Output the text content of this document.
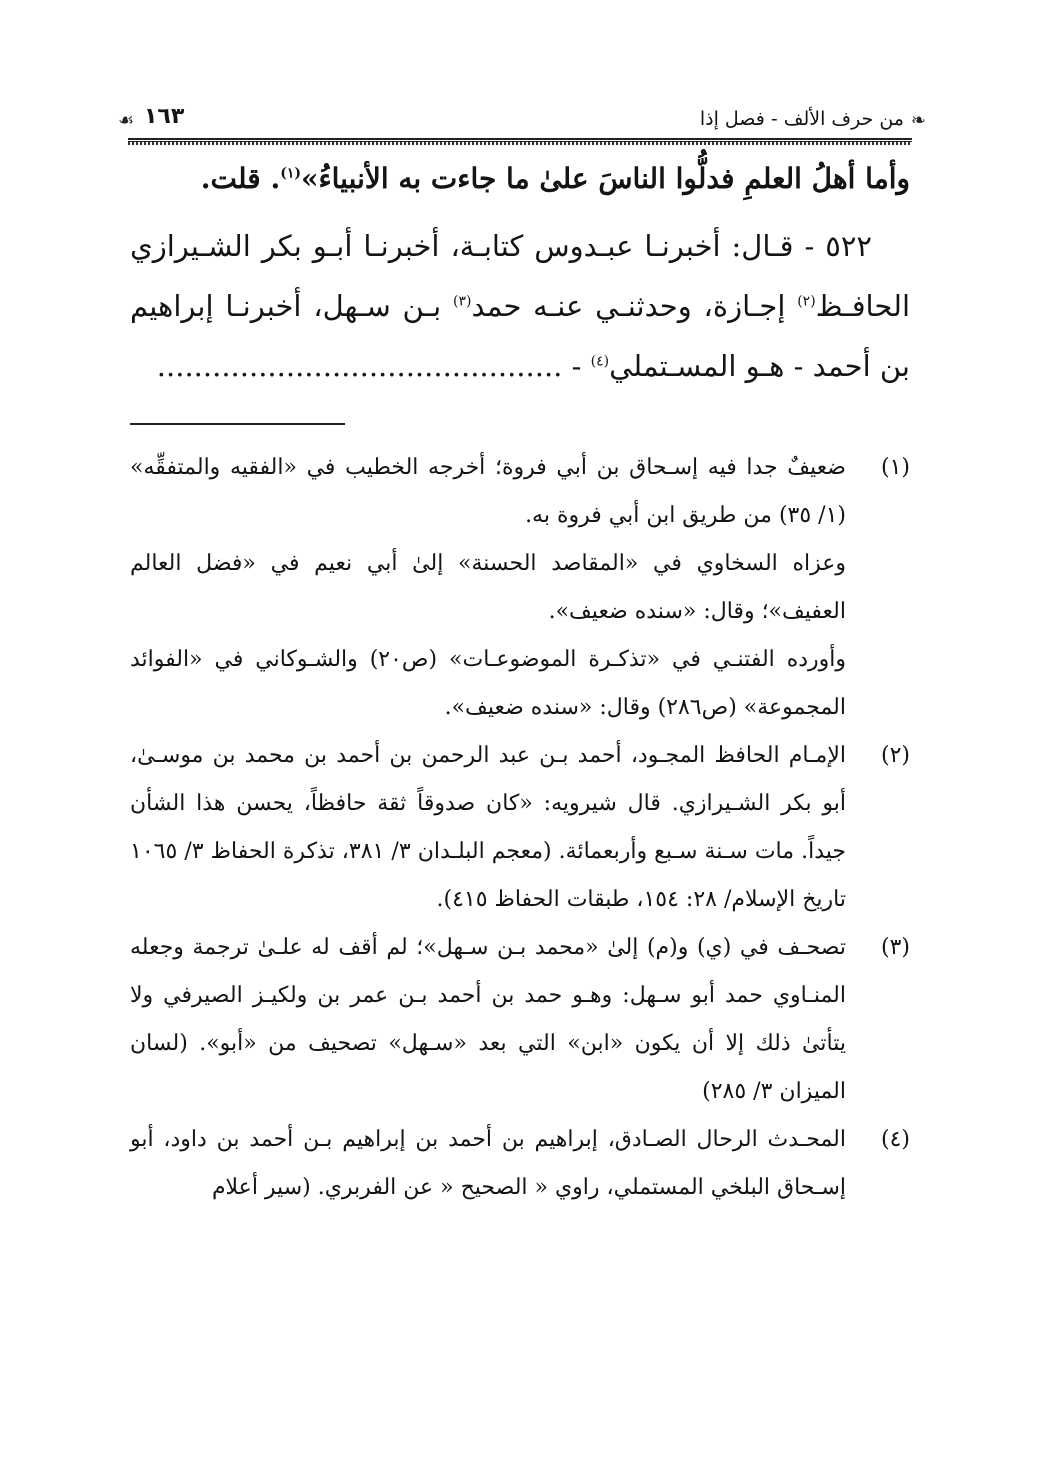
❧
من حرف الألف - فصل إذا
١٦٣
☙

وأما أهلُ العلمِ فدلُّوا الناسَ علىٰ ما جاءت به الأنبياءُ»$^{(١)}$. قلت.

٥٢٢ - قـال: أخبرنـا عبـدوس كتابـة، أخبرنـا أبـو بكر الشـيرازي الحافـظ$^{(٢)}$ إجـازة، وحدثنـي عنـه حمد$^{(٣)}$ بـن سـهل، أخبرنـا إبراهيم بن أحمد - هـو المسـتملي$^{(٤)}$ - ............................................

(١)

ضعيفٌ جدا فيه إسـحاق بن أبي فروة؛ أخرجه الخطيب في «الفقيه والمتفقِّه» (١/ ٣٥) من طريق ابن أبي فروة به.

وعزاه السخاوي في «المقاصد الحسنة» إلىٰ أبي نعيم في «فضل العالم العفيف»؛ وقال: «سنده ضعيف».

وأورده الفتنـي في «تذكـرة الموضوعـات» (ص٢٠) والشـوكاني في «الفوائد المجموعة» (ص٢٨٦) وقال: «سنده ضعيف».

(٢)

الإمـام الحافظ المجـود، أحمد بـن عبد الرحمن بن أحمد بن محمد بن موسـىٰ، أبو بكر الشـيرازي. قال شيرويه: «كان صدوقاً ثقة حافظاً، يحسن هذا الشأن جيداً. مات سـنة سـبع وأربعمائة. (معجم البلـدان ٣/ ٣٨١، تذكرة الحفاظ ٣/ ١٠٦٥ تاريخ الإسلام/ ٢٨: ١٥٤، طبقات الحفاظ ٤١٥).

(٣)

تصحـف في (ي) و(م) إلىٰ «محمد بـن سـهل»؛ لم أقف له علـىٰ ترجمة وجعله المنـاوي حمد أبو سـهل: وهـو حمد بن أحمد بـن عمر بن ولكيـز الصيرفي ولا يتأتىٰ ذلك إلا أن يكون «ابن» التي بعد «سـهل» تصحيف من «أبو». (لسان الميزان ٣/ ٢٨٥)

(٤)

المحـدث الرحال الصـادق، إبراهيم بن أحمد بن إبراهيم بـن أحمد بن داود، أبو إسـحاق البلخي المستملي، راوي « الصحيح « عن الفربري. (سير أعلام
